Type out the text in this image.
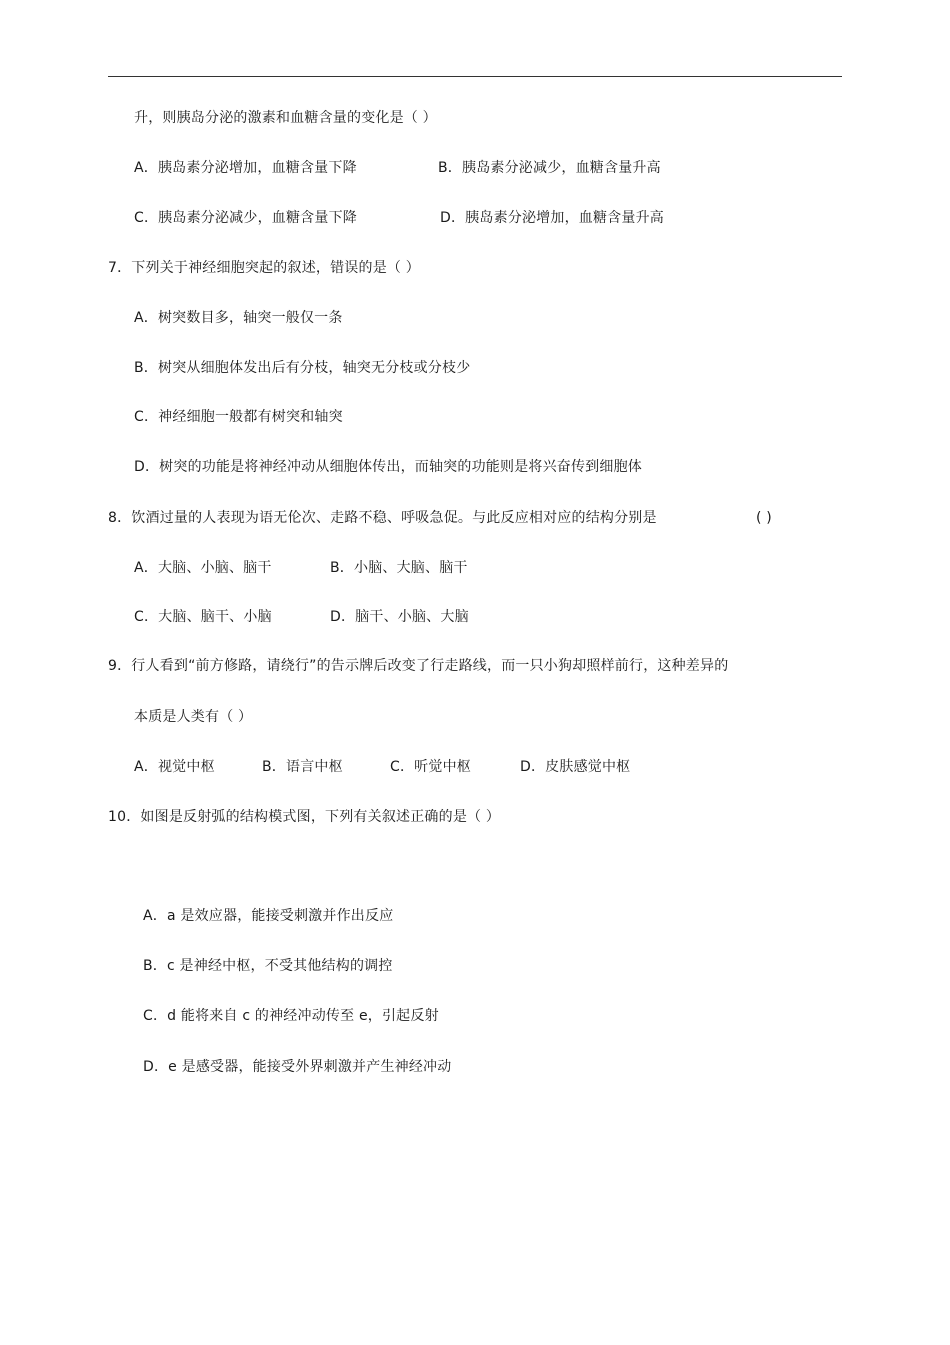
升，则胰岛分泌的激素和血糖含量的变化是（ ）
A．胰岛素分泌增加，血糖含量下降	B．胰岛素分泌减少，血糖含量升高
C．胰岛素分泌减少，血糖含量下降	D．胰岛素分泌增加，血糖含量升高
7．下列关于神经细胞突起的叙述，错误的是（ ）
A．树突数目多，轴突一般仅一条
B．树突从细胞体发出后有分枝，轴突无分枝或分枝少
C．神经细胞一般都有树突和轴突
D．树突的功能是将神经冲动从细胞体传出，而轴突的功能则是将兴奋传到细胞体
8．饮酒过量的人表现为语无伦次、走路不稳、呼吸急促。与此反应相对应的结构分别是	( )
A．大脑、小脑、脑干	B．小脑、大脑、脑干
C．大脑、脑干、小脑	D．脑干、小脑、大脑
9．行人看到“前方修路，请绕行”的告示牌后改变了行走路线，而一只小狗却照样前行，这种差异的
本质是人类有（ ）
A．视觉中枢	B．语言中枢	C．听觉中枢	D．皮肤感觉中枢
10．如图是反射弧的结构模式图，下列有关叙述正确的是（ ）
A．a 是效应器，能接受刺激并作出反应
B．c 是神经中枢，不受其他结构的调控
C．d 能将来自 c 的神经冲动传至 e，引起反射
D．e 是感受器，能接受外界刺激并产生神经冲动
